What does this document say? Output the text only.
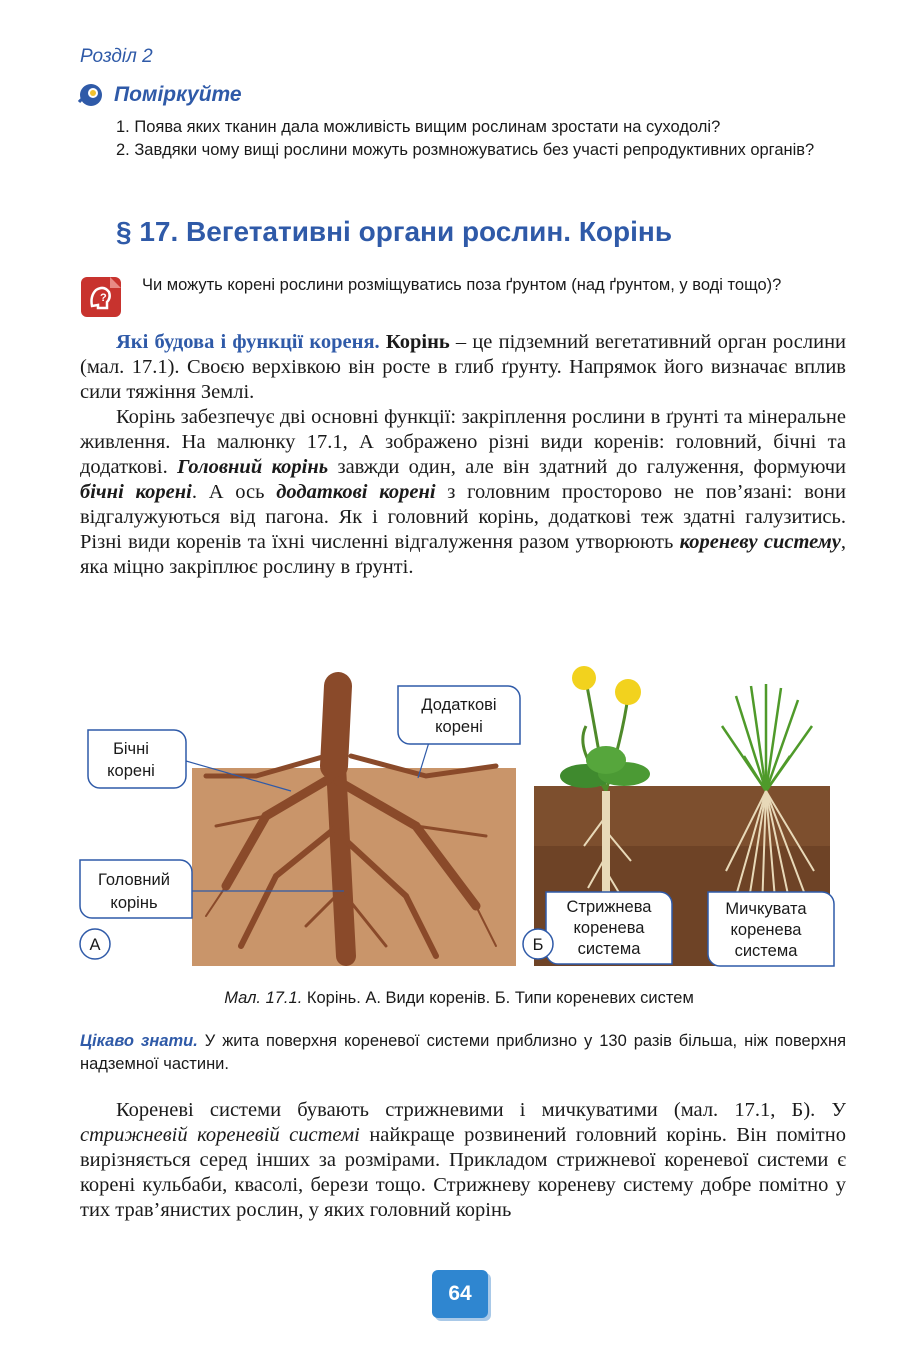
Розділ 2
Поміркуйте

1. Поява яких тканин дала можливість вищим рослинам зростати на суходолі?

2. Завдяки чому вищі рослини можуть розмножуватись без участі репродуктивних органів?

§ 17. Вегетативні органи рослин. Корінь
?
Чи можуть корені рослини розміщуватись поза ґрунтом (над ґрунтом, у воді тощо)?

Які будова і функції кореня. Корінь – це підземний вегетативний орган рослини (мал. 17.1). Своєю верхівкою він росте в глиб ґрунту. Напрямок його визначає вплив сили тяжіння Землі.

Корінь забезпечує дві основні функції: закріплення рослини в ґрунті та мінеральне живлення. На малюнку 17.1, А зображено різні види коренів: головний, бічні та додаткові. Головний корінь завжди один, але він здатний до галуження, формуючи бічні корені. А ось додаткові корені з головним просторово не пов’язані: вони відгалужуються від пагона. Як і головний корінь, додаткові теж здатні галузитись. Різні види коренів та їхні численні відгалуження разом утворюють кореневу систему, яка міцно закріплює рослину в ґрунті.

Бічні
корені
Додаткові
корені
Головний
корінь
А
Стрижнева
коренева
система
Мичкувата
коренева
система
Б
Мал. 17.1. Корінь. А. Види коренів. Б. Типи кореневих систем
Цікаво знати. У жита поверхня кореневої системи приблизно у 130 разів більша, ніж поверхня надземної частини.

Кореневі системи бувають стрижневими і мичкуватими (мал. 17.1, Б). У стрижневій кореневій системі найкраще розвинений головний корінь. Він помітно вирізняється серед інших за розмірами. Прикладом стрижневої кореневої системи є корені кульбаби, квасолі, берези тощо. Стрижневу кореневу систему добре помітно у тих трав’янистих рослин, у яких головний корінь

64
